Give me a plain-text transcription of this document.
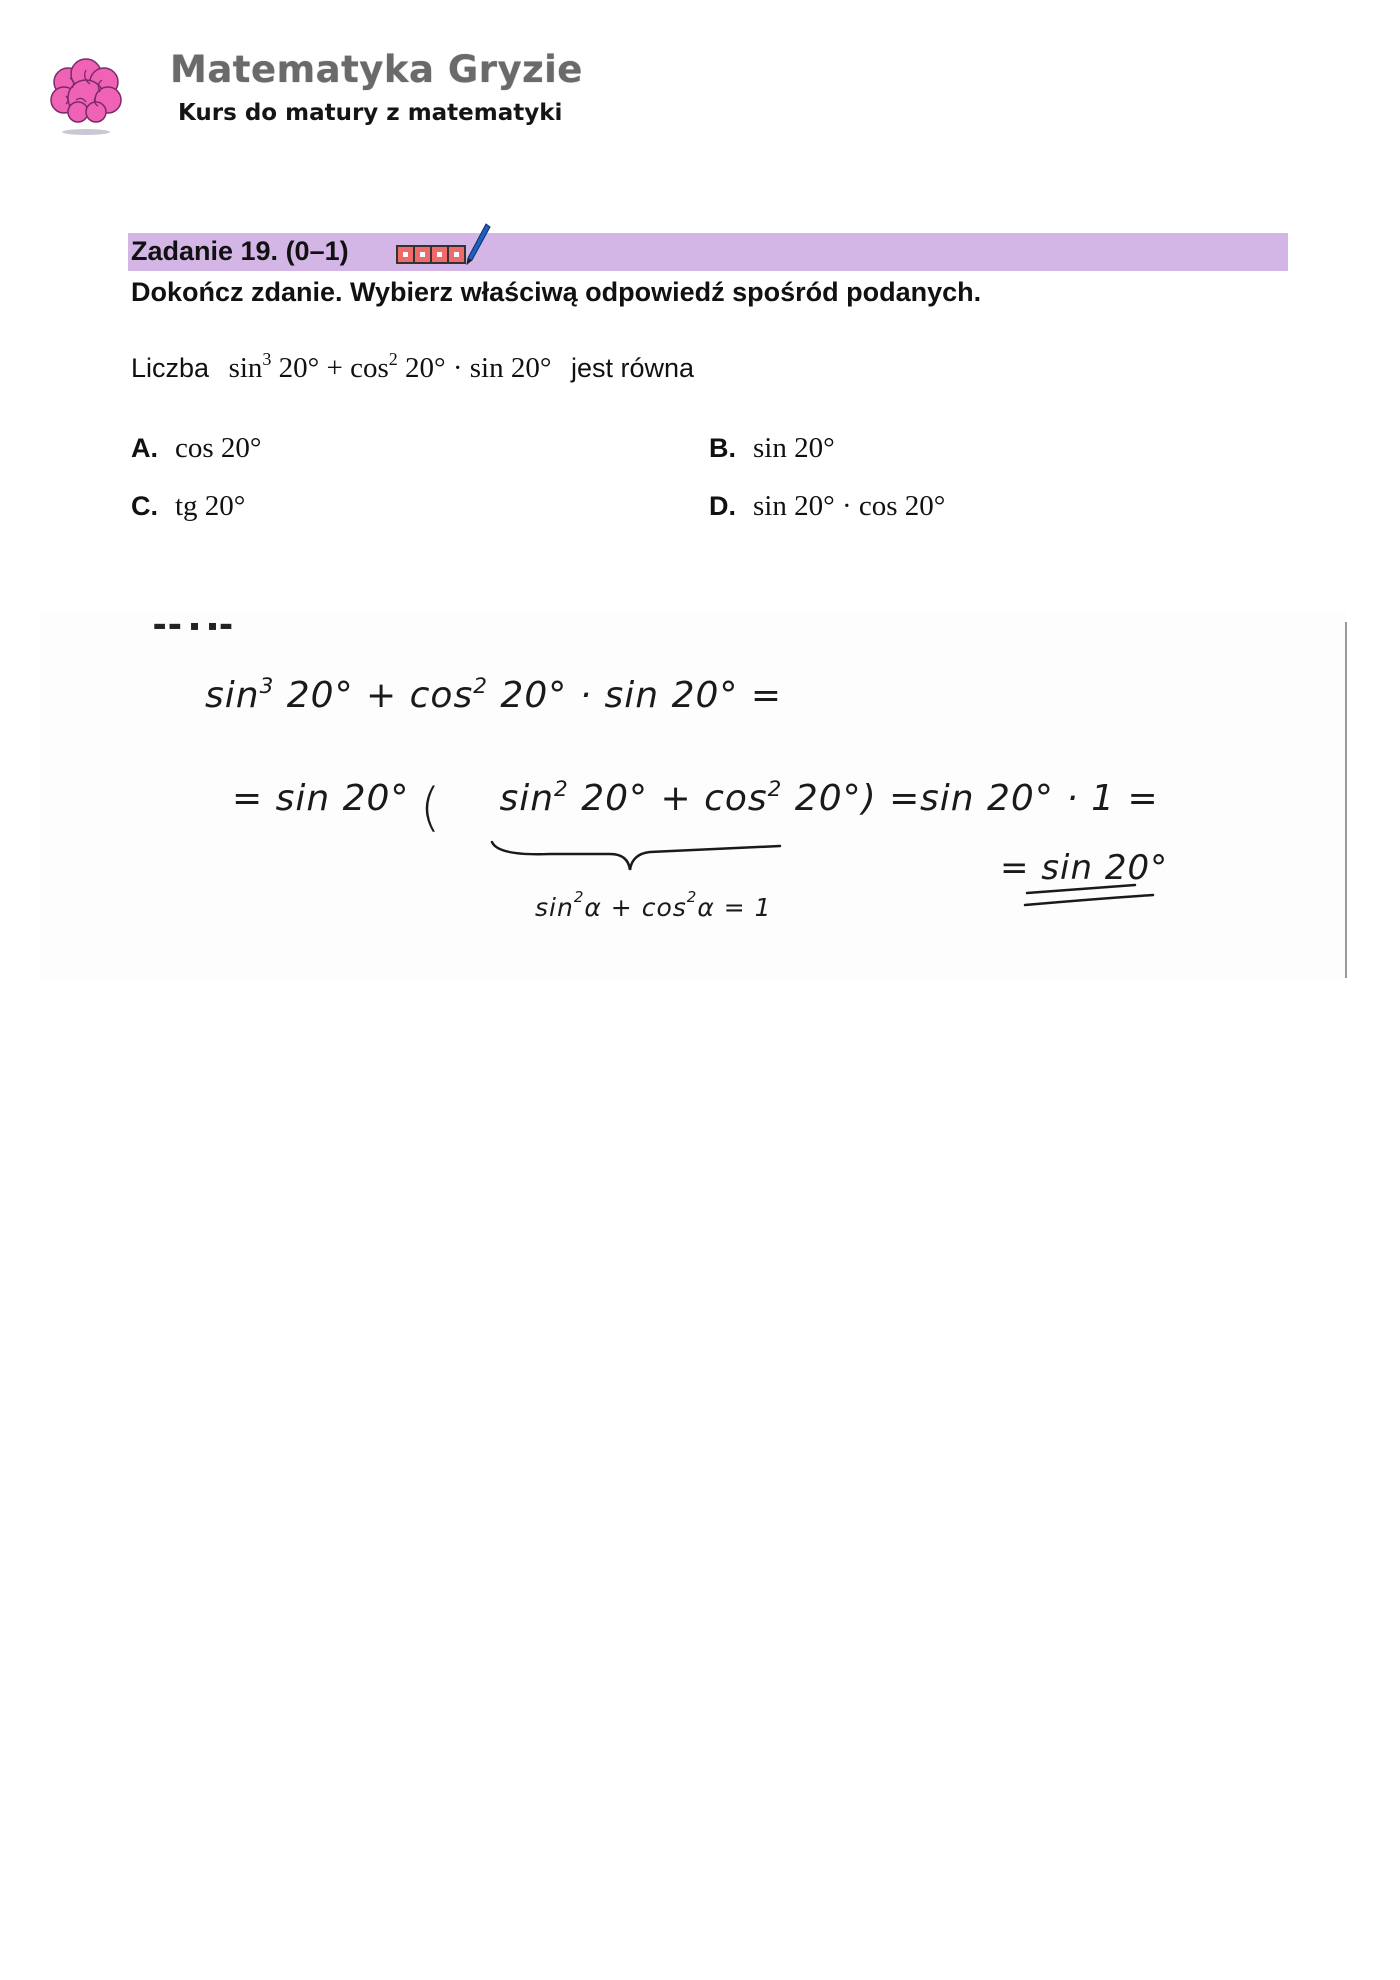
Matematyka Gryzie
Kurs do matury z matematyki
Zadanie 19. (0–1)
Dokończ zdanie. Wybierz właściwą odpowiedź spośród podanych.
Liczba $\sin^3 20^\circ + \cos^2 20^\circ \cdot \sin 20^\circ$ jest równa
A. cos 20°	B. sin 20°
C. tg 20°	D. sin 20° · cos 20°
▬▬ ▪ ▪▬
$\sin^3 20^\circ + \cos^2 20^\circ \cdot \sin 20^\circ$ =
= sin 20°	$\sin^2 20^\circ + \cos^2 20^\circ$) =
(	sin 20° · 1 =
$\sin^2\alpha + \cos^2\alpha = 1$
= sin 20°
